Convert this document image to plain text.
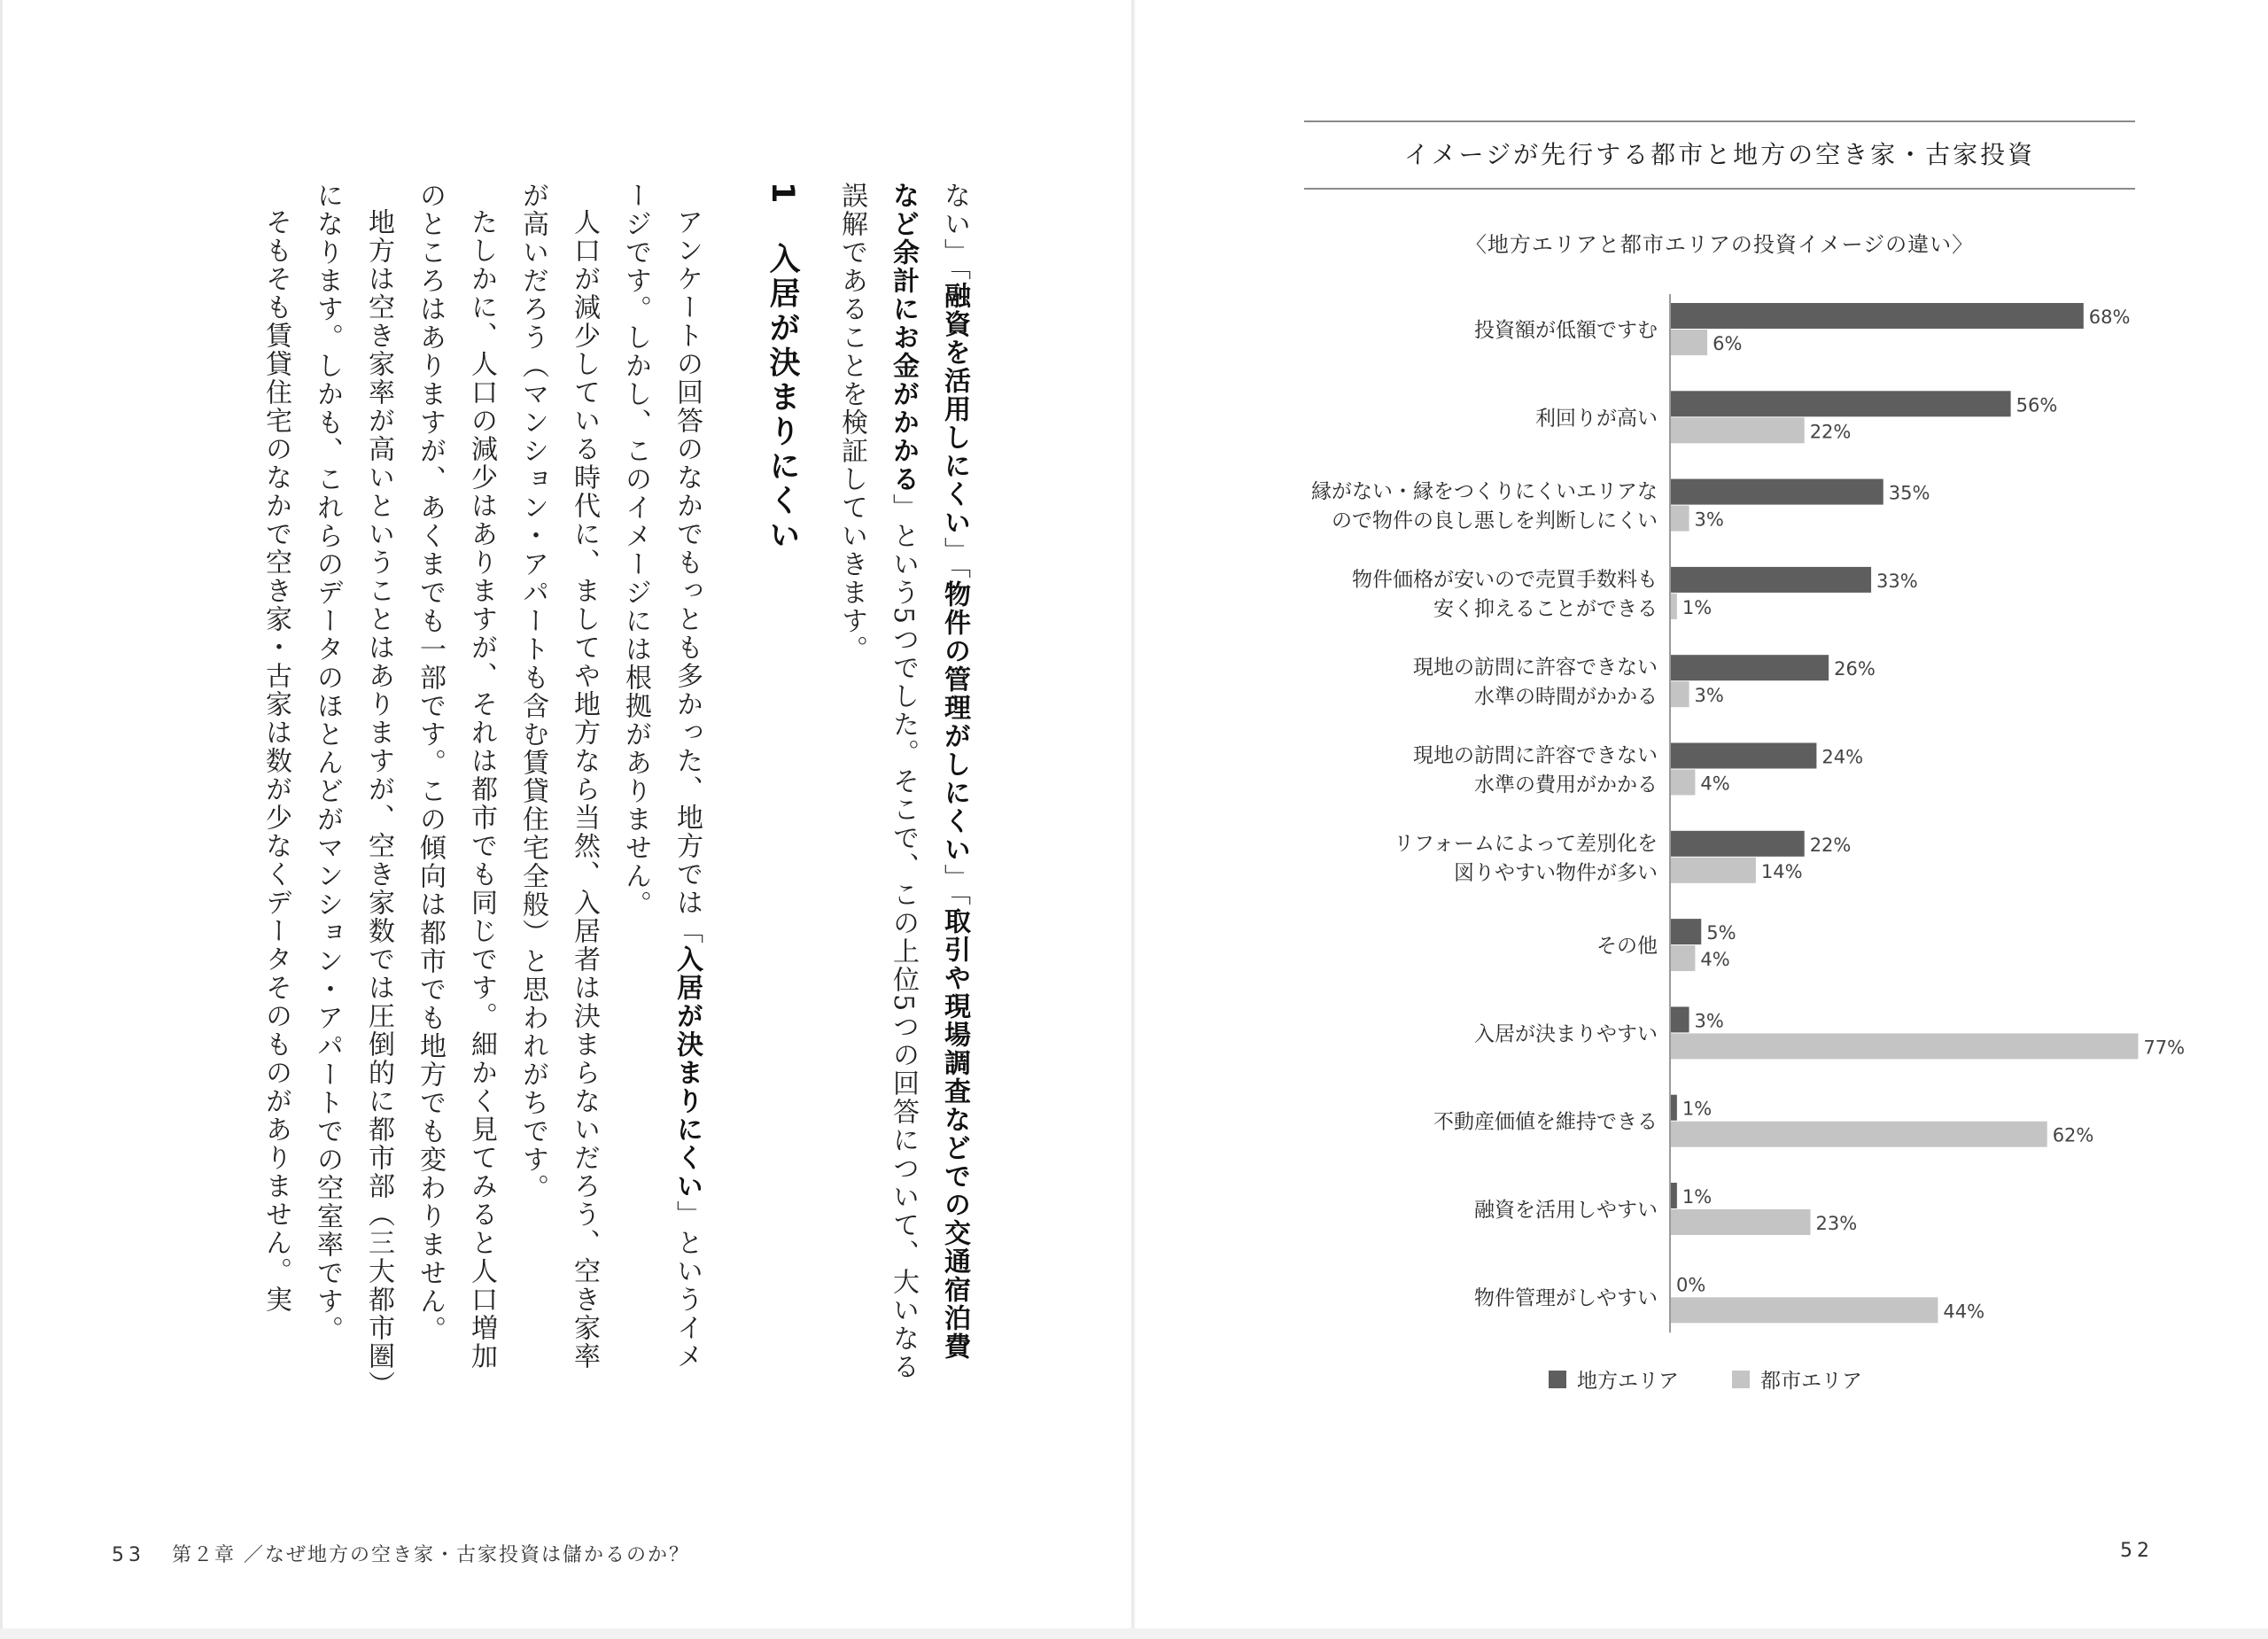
ない」「融資を活用しにくい」「物件の管理がしにくい」「取引や現場調査などでの交通宿泊費など余計にお金がかかる」という5つでした。そこで、この上位5つの回答について、大いなる誤解であることを検証していきます。

1 入居が決まりにくい

アンケートの回答のなかでもっとも多かった、地方では「入居が決まりにくい」というイメージです。しかし、このイメージには根拠がありません。

人口が減少している時代に、ましてや地方なら当然、入居者は決まらないだろう、空き家率が高いだろう（マンション・アパートも含む賃貸住宅全般）と思われがちです。

たしかに、人口の減少はありますが、それは都市でも同じです。細かく見てみると人口増加のところはありますが、あくまでも一部です。この傾向は都市でも地方でも変わりません。

地方は空き家率が高いということはありますが、空き家数では圧倒的に都市部（三大都市圏）になります。しかも、これらのデータのほとんどがマンション・アパートでの空室率です。

そもそも賃貸住宅のなかで空き家・古家は数が少なくデータそのものがありません。実

53 第２章 ／なぜ地方の空き家・古家投資は儲かるのか？
イメージが先行する都市と地方の空き家・古家投資
〈地方エリアと都市エリアの投資イメージの違い〉
投資額が低額ですむ
68%
6%
利回りが高い
56%
22%
縁がない・縁をつくりにくいエリアな
ので物件の良し悪しを判断しにくい
35%
3%
物件価格が安いので売買手数料も
安く抑えることができる
33%
1%
現地の訪問に許容できない
水準の時間がかかる
26%
3%
現地の訪問に許容できない
水準の費用がかかる
24%
4%
リフォームによって差別化を
図りやすい物件が多い
22%
14%
その他
5%
4%
入居が決まりやすい
3%
77%
不動産価値を維持できる
1%
62%
融資を活用しやすい
1%
23%
物件管理がしやすい
0%
44%
地方エリア	都市エリア
52
